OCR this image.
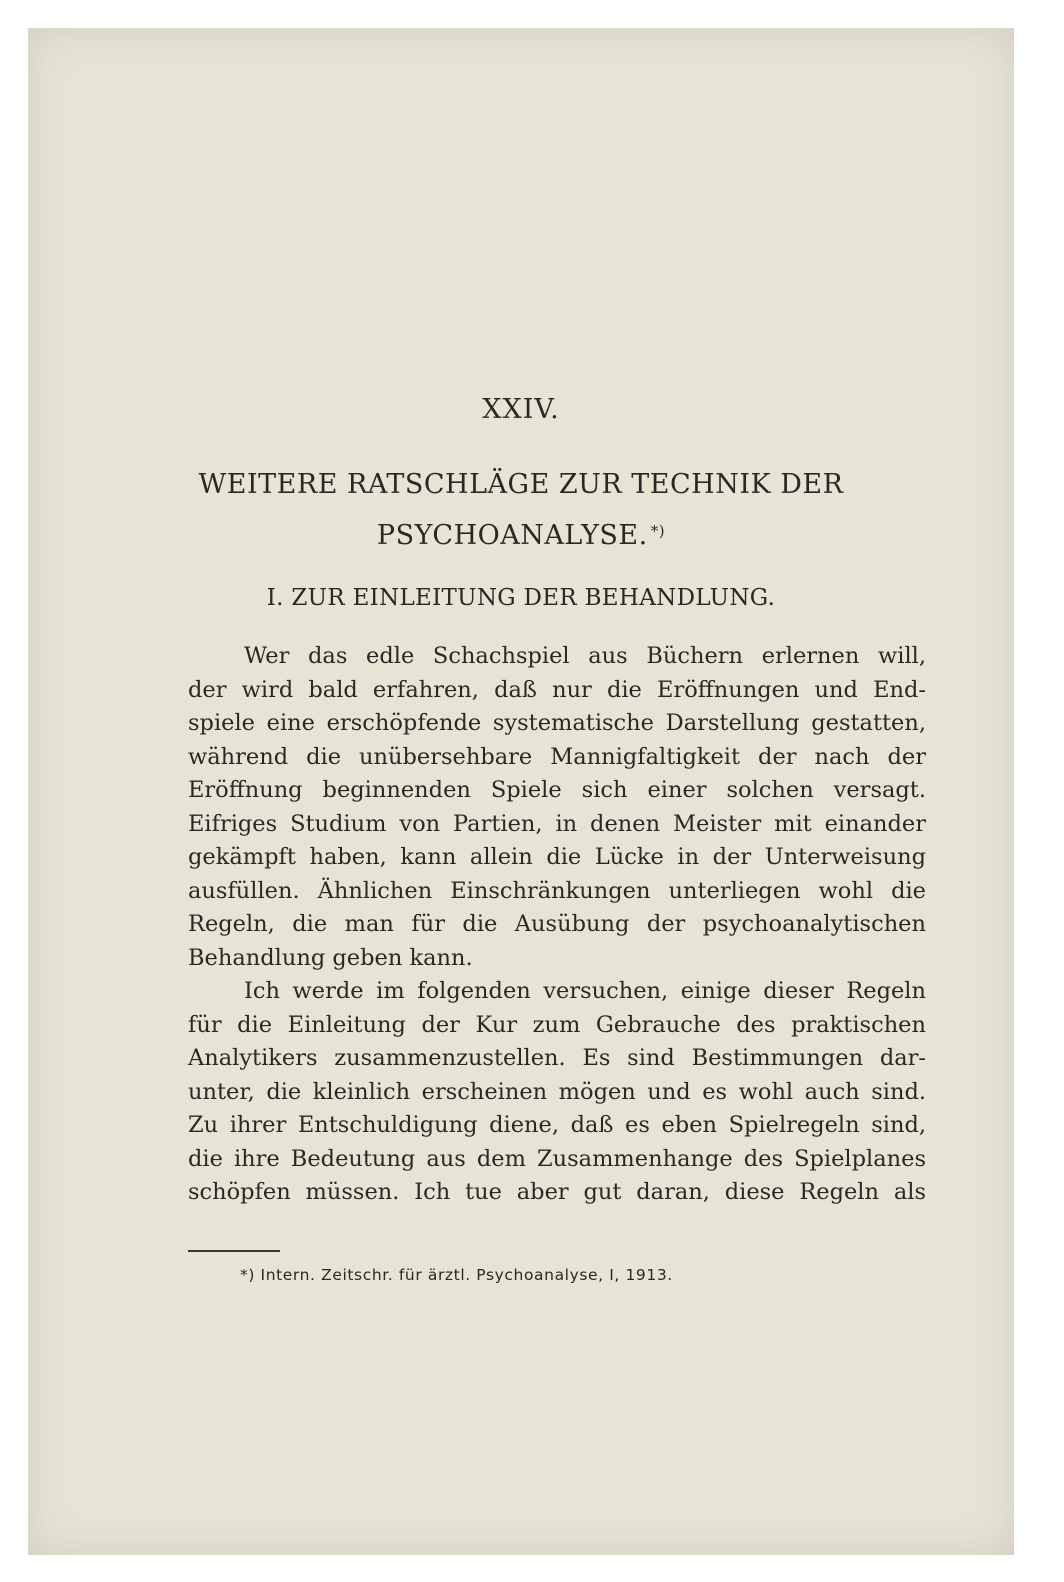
XXIV.
WEITERE RATSCHLÄGE ZUR TECHNIK DER
PSYCHOANALYSE. *)
I. ZUR EINLEITUNG DER BEHANDLUNG.
Wer das edle Schachspiel aus Büchern erlernen will,
der wird bald erfahren, daß nur die Eröffnungen und End-
spiele eine erschöpfende systematische Darstellung gestatten,
während die unübersehbare Mannigfaltigkeit der nach der
Eröffnung beginnenden Spiele sich einer solchen versagt.
Eifriges Studium von Partien, in denen Meister mit einander
gekämpft haben, kann allein die Lücke in der Unterweisung
ausfüllen. Ähnlichen Einschränkungen unterliegen wohl die
Regeln, die man für die Ausübung der psychoanalytischen
Behandlung geben kann.
Ich werde im folgenden versuchen, einige dieser Regeln
für die Einleitung der Kur zum Gebrauche des praktischen
Analytikers zusammenzustellen. Es sind Bestimmungen dar-
unter, die kleinlich erscheinen mögen und es wohl auch sind.
Zu ihrer Entschuldigung diene, daß es eben Spielregeln sind,
die ihre Bedeutung aus dem Zusammenhange des Spielplanes
schöpfen müssen. Ich tue aber gut daran, diese Regeln als
*) Intern. Zeitschr. für ärztl. Psychoanalyse, I, 1913.
